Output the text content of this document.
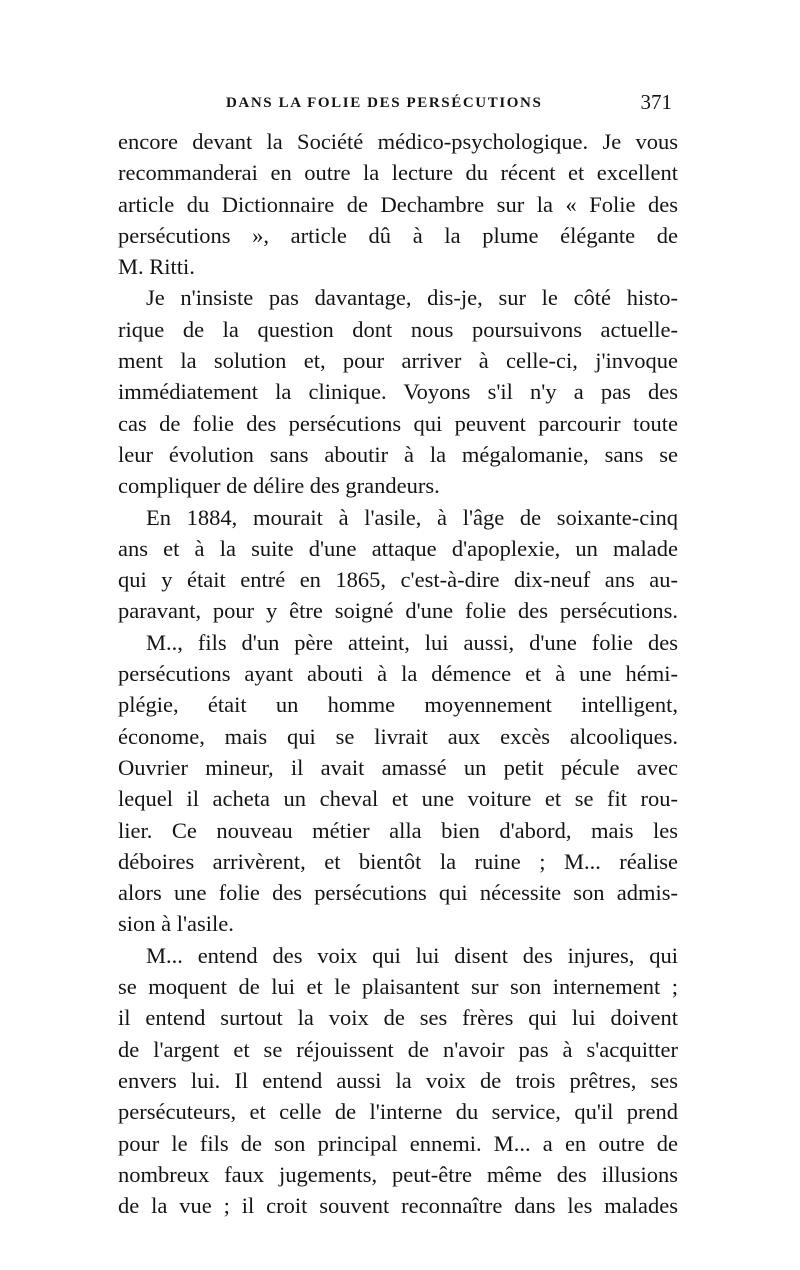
DANS LA FOLIE DES PERSÉCUTIONS	371
encore devant la Société médico-psychologique. Je vous
recommanderai en outre la lecture du récent et excellent
article du Dictionnaire de Dechambre sur la « Folie des
persécutions », article dû à la plume élégante de
M. Ritti.
Je n'insiste pas davantage, dis-je, sur le côté histo-
rique de la question dont nous poursuivons actuelle-
ment la solution et, pour arriver à celle-ci, j'invoque
immédiatement la clinique. Voyons s'il n'y a pas des
cas de folie des persécutions qui peuvent parcourir toute
leur évolution sans aboutir à la mégalomanie, sans se
compliquer de délire des grandeurs.
En 1884, mourait à l'asile, à l'âge de soixante-cinq
ans et à la suite d'une attaque d'apoplexie, un malade
qui y était entré en 1865, c'est-à-dire dix-neuf ans au-
paravant, pour y être soigné d'une folie des persécutions.
M.., fils d'un père atteint, lui aussi, d'une folie des
persécutions ayant abouti à la démence et à une hémi-
plégie, était un homme moyennement intelligent,
économe, mais qui se livrait aux excès alcooliques.
Ouvrier mineur, il avait amassé un petit pécule avec
lequel il acheta un cheval et une voiture et se fit rou-
lier. Ce nouveau métier alla bien d'abord, mais les
déboires arrivèrent, et bientôt la ruine ; M... réalise
alors une folie des persécutions qui nécessite son admis-
sion à l'asile.
M... entend des voix qui lui disent des injures, qui
se moquent de lui et le plaisantent sur son internement ;
il entend surtout la voix de ses frères qui lui doivent
de l'argent et se réjouissent de n'avoir pas à s'acquitter
envers lui. Il entend aussi la voix de trois prêtres, ses
persécuteurs, et celle de l'interne du service, qu'il prend
pour le fils de son principal ennemi. M... a en outre de
nombreux faux jugements, peut-être même des illusions
de la vue ; il croit souvent reconnaître dans les malades
